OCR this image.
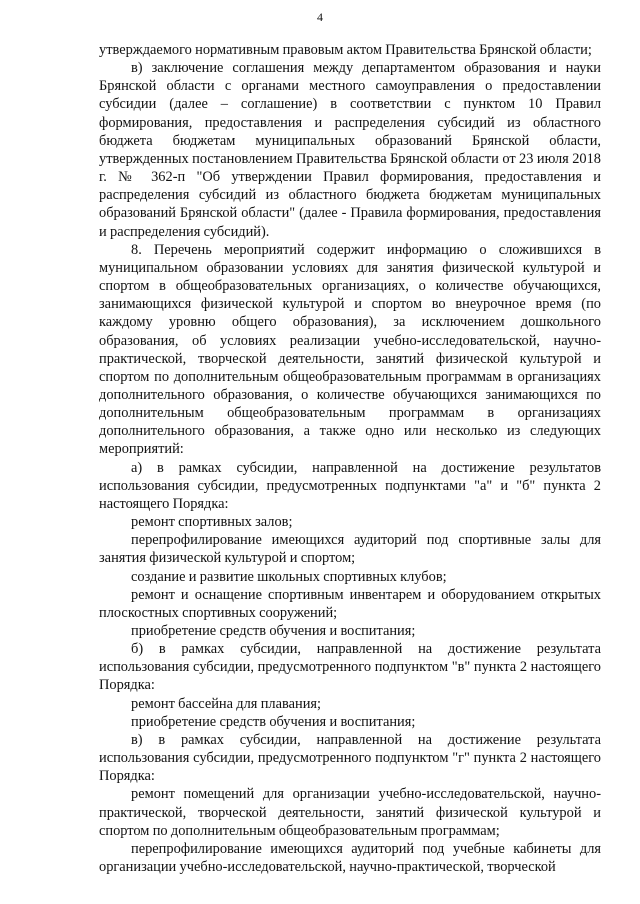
4

утверждаемого нормативным правовым актом Правительства Брянской области;

в) заключение соглашения между департаментом образования и науки Брянской области с органами местного самоуправления о предоставлении субсидии (далее – соглашение) в соответствии с пунктом 10 Правил формирования, предоставления и распределения субсидий из областного бюджета бюджетам муниципальных образований Брянской области, утвержденных постановлением Правительства Брянской области от 23 июля 2018 г. № 362-п "Об утверждении Правил формирования, предоставления и распределения субсидий из областного бюджета бюджетам муниципальных образований Брянской области" (далее - Правила формирования, предоставления и распределения субсидий).

8. Перечень мероприятий содержит информацию о сложившихся в муниципальном образовании условиях для занятия физической культурой и спортом в общеобразовательных организациях, о количестве обучающихся, занимающихся физической культурой и спортом во внеурочное время (по каждому уровню общего образования), за исключением дошкольного образования, об условиях реализации учебно-исследовательской, научно-практической, творческой деятельности, занятий физической культурой и спортом по дополнительным общеобразовательным программам в организациях дополнительного образования, о количестве обучающихся занимающихся по дополнительным общеобразовательным программам в организациях дополнительного образования, а также одно или несколько из следующих мероприятий:

а) в рамках субсидии, направленной на достижение результатов использования субсидии, предусмотренных подпунктами "а" и "б" пункта 2 настоящего Порядка:

ремонт спортивных залов;

перепрофилирование имеющихся аудиторий под спортивные залы для занятия физической культурой и спортом;

создание и развитие школьных спортивных клубов;

ремонт и оснащение спортивным инвентарем и оборудованием открытых плоскостных спортивных сооружений;

приобретение средств обучения и воспитания;

б) в рамках субсидии, направленной на достижение результата использования субсидии, предусмотренного подпунктом "в" пункта 2 настоящего Порядка:

ремонт бассейна для плавания;

приобретение средств обучения и воспитания;

в) в рамках субсидии, направленной на достижение результата использования субсидии, предусмотренного подпунктом "г" пункта 2 настоящего Порядка:

ремонт помещений для организации учебно-исследовательской, научно-практической, творческой деятельности, занятий физической культурой и спортом по дополнительным общеобразовательным программам;

перепрофилирование имеющихся аудиторий под учебные кабинеты для организации учебно-исследовательской, научно-практической, творческой
